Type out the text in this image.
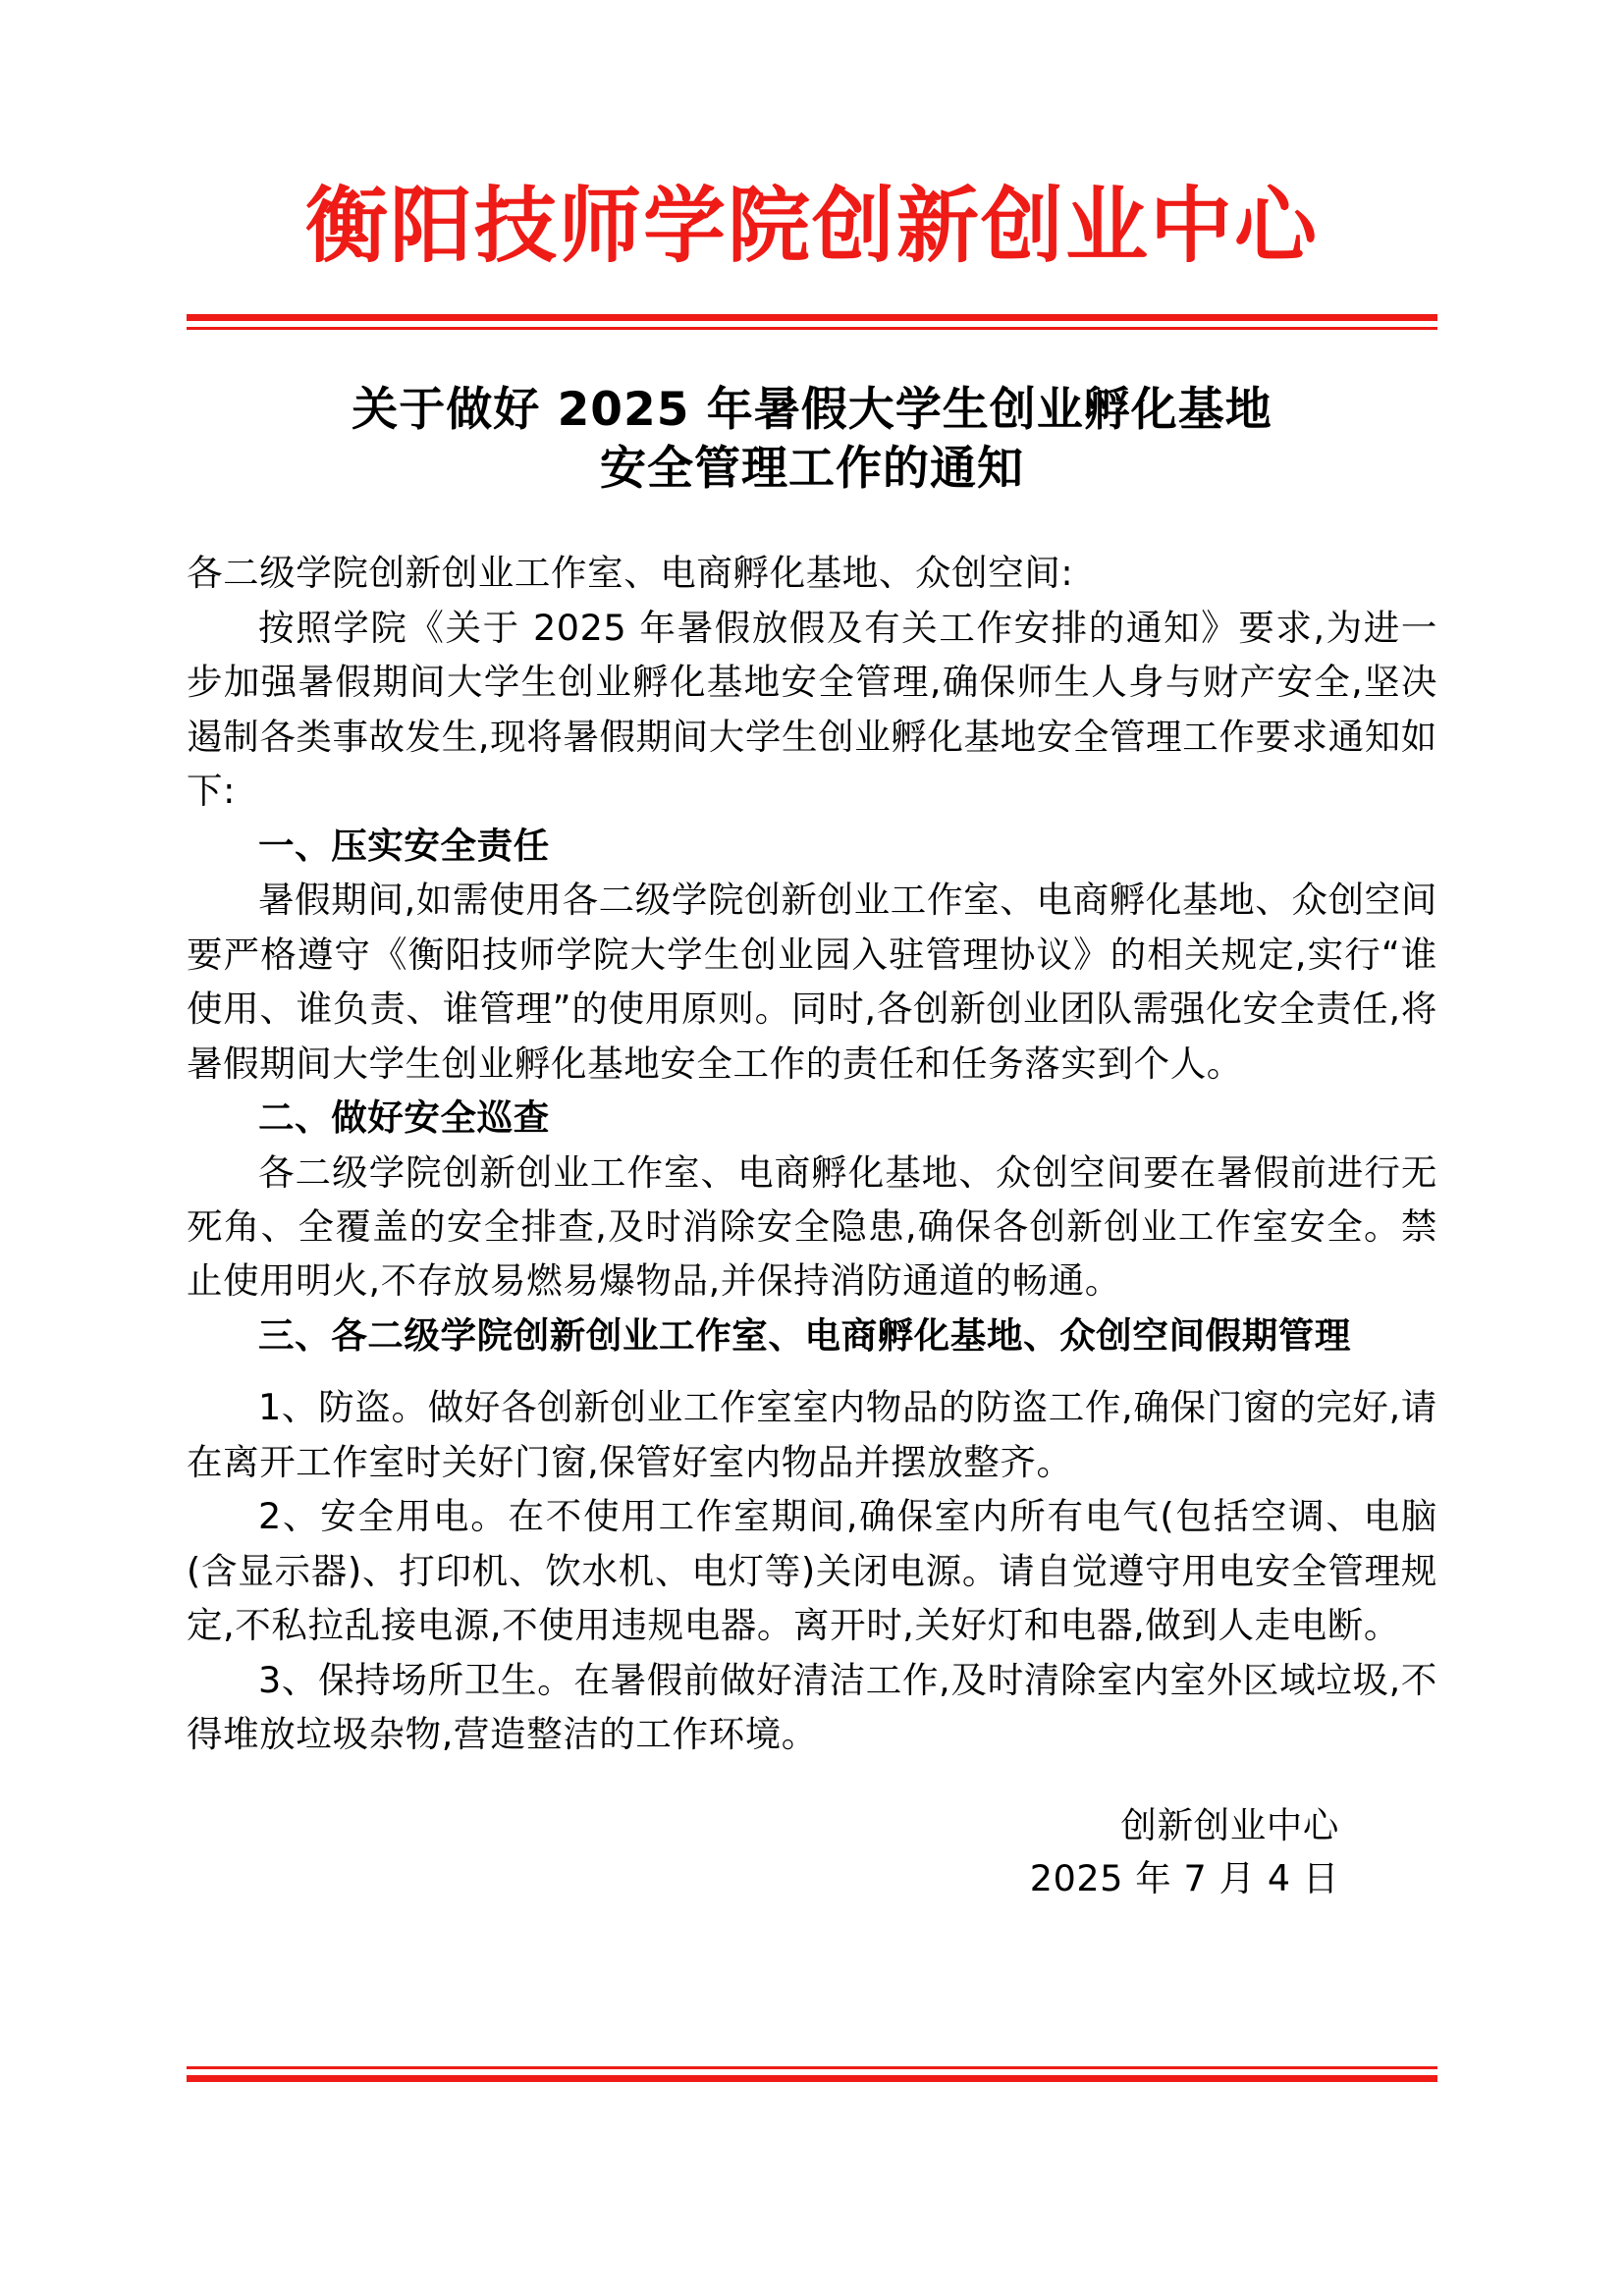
衡阳技师学院创新创业中心
关于做好 2025 年暑假大学生创业孵化基地
安全管理工作的通知

各二级学院创新创业工作室、电商孵化基地、众创空间:

按照学院《关于 2025 年暑假放假及有关工作安排的通知》要求,为进一步加强暑假期间大学生创业孵化基地安全管理,确保师生人身与财产安全,坚决遏制各类事故发生,现将暑假期间大学生创业孵化基地安全管理工作要求通知如下:

一、压实安全责任

暑假期间,如需使用各二级学院创新创业工作室、电商孵化基地、众创空间要严格遵守《衡阳技师学院大学生创业园入驻管理协议》的相关规定,实行“谁使用、谁负责、谁管理”的使用原则。同时,各创新创业团队需强化安全责任,将暑假期间大学生创业孵化基地安全工作的责任和任务落实到个人。

二、做好安全巡查

各二级学院创新创业工作室、电商孵化基地、众创空间要在暑假前进行无死角、全覆盖的安全排查,及时消除安全隐患,确保各创新创业工作室安全。禁止使用明火,不存放易燃易爆物品,并保持消防通道的畅通。

三、各二级学院创新创业工作室、电商孵化基地、众创空间假期管理

1、防盗。做好各创新创业工作室室内物品的防盗工作,确保门窗的完好,请在离开工作室时关好门窗,保管好室内物品并摆放整齐。

2、安全用电。在不使用工作室期间,确保室内所有电气(包括空调、电脑(含显示器)、打印机、饮水机、电灯等)关闭电源。请自觉遵守用电安全管理规定,不私拉乱接电源,不使用违规电器。离开时,关好灯和电器,做到人走电断。

3、保持场所卫生。在暑假前做好清洁工作,及时清除室内室外区域垃圾,不得堆放垃圾杂物,营造整洁的工作环境。

创新创业中心
2025 年 7 月 4 日
